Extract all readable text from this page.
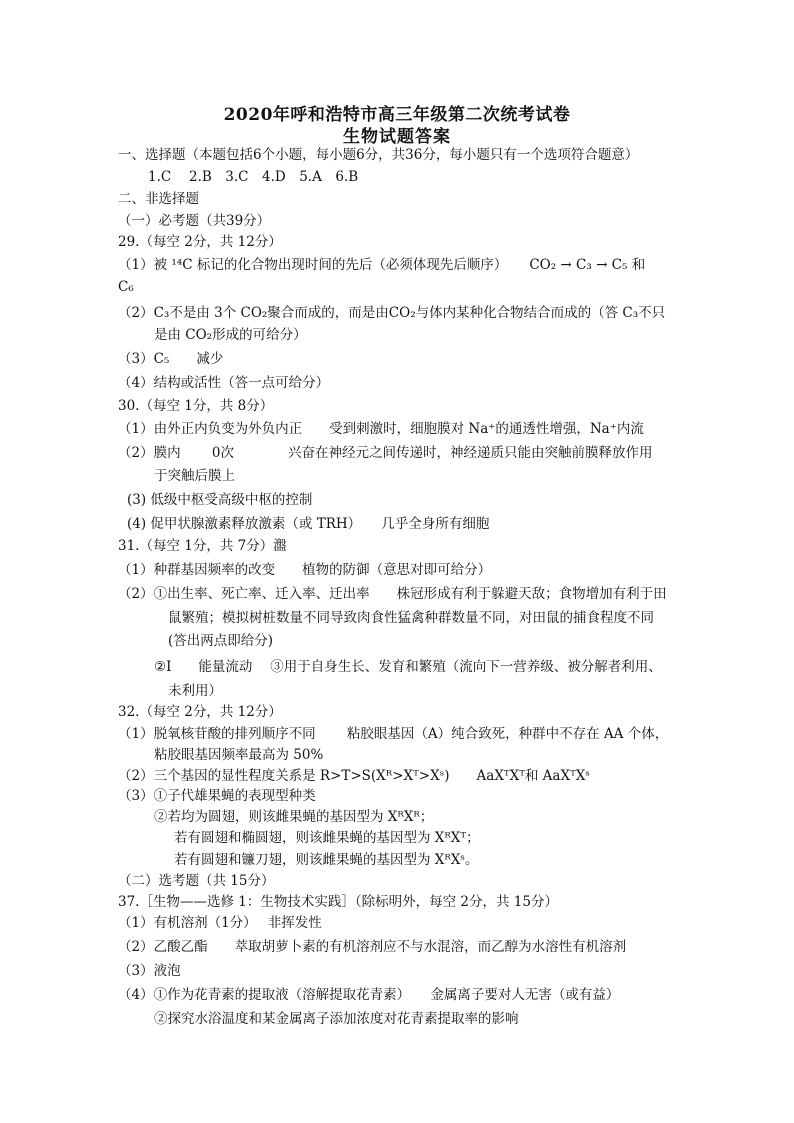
2020年呼和浩特市高三年级第二次统考试卷
生物试题答案
一、选择题（本题包括6个小题，每小题6分，共36分，每小题只有一个选项符合题意）
1.C　 2.B　3.C　4.D　5.A　6.B
二、非选择题
（一）必考题（共39分）
29.（每空 2分，共 12分）
（1）被 ¹⁴C 标记的化合物出现时间的先后（必须体现先后顺序） CO₂ → C₃ → C₅ 和
C₆
（2）C₃不是由 3个 CO₂聚合而成的，而是由CO₂与体内某种化合物结合而成的（答 C₃不只
是由 CO₂形成的可给分）
（3）C₅　　减少
（4）结构或活性（答一点可给分）
30.（每空 1分，共 8分）
（1）由外正内负变为外负内正　　受到刺激时，细胞膜对 Na⁺的通透性增强，Na⁺内流
（2）膜内　　 0次　　　　兴奋在神经元之间传递时，神经递质只能由突触前膜释放作用
于突触后膜上
(3) 低级中枢受高级中枢的控制
(4) 促甲状腺激素释放激素（或 TRH）　　几乎全身所有细胞
31.（每空 1分，共 7分）瀊
（1）种群基因频率的改变　　植物的防御（意思对即可给分）
（2）①出生率、死亡率、迁入率、迁出率　　株冠形成有利于躲避天敌；食物增加有利于田
鼠繁殖；模拟树桩数量不同导致肉食性猛禽种群数量不同，对田鼠的捕食程度不同
(答出两点即给分)
②I　　能量流动　 ③用于自身生长、发育和繁殖（流向下一营养级、被分解者利用、
未利用）
32.（每空 2分，共 12分）
（1）脱氧核苷酸的排列顺序不同　　 粘胶眼基因（A）纯合致死，种群中不存在 AA 个体，
粘胶眼基因频率最高为 50%
（2）三个基因的显性程度关系是 R>T>S(Xᴿ>Xᵀ>Xˢ)　　AaXᵀXᵀ和 AaXᵀXˢ
（3）①子代雄果蝇的表现型种类
②若均为圆翅，则该雌果蝇的基因型为 XᴿXᴿ；
若有圆翅和椭圆翅，则该雌果蝇的基因型为 XᴿXᵀ；
若有圆翅和镰刀翅，则该雌果蝇的基因型为 XᴿXˢ。
（二）选考题（共 15分）
37.［生物——选修 1：生物技术实践］（除标明外，每空 2分，共 15分）
（1）有机溶剂（1分）　 非挥发性
（2）乙酸乙酯　　萃取胡萝卜素的有机溶剂应不与水混溶，而乙醇为水溶性有机溶剂
（3）液泡
（4）①作为花青素的提取液（溶解提取花青素）　　金属离子要对人无害（或有益）
②探究水浴温度和某金属离子添加浓度对花青素提取率的影响
